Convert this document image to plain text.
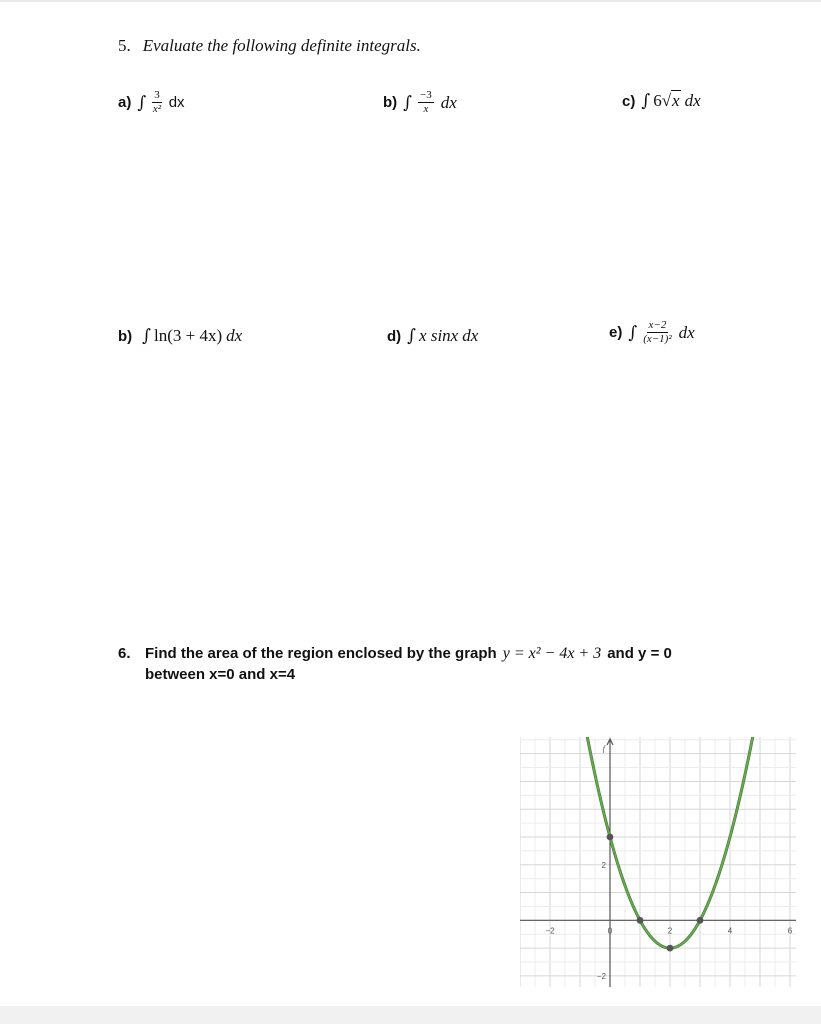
5. Evaluate the following definite integrals.
a) ∫ $\frac{3}{\text{x²}}$ dx	b) ∫ $\frac{-3}{x}$ dx	c) ∫ 6√x dx
b) ∫ ln(3 + 4x) dx	d) ∫ x sinx dx	e) ∫ $\frac{x-2}{\text{(x−1)²}}$ dx
6. Find the area of the region enclosed by the graph y = x² − 4x + 3 and y = 0
between x=0 and x=4
−2	0	2	4	6
2
−2
f
